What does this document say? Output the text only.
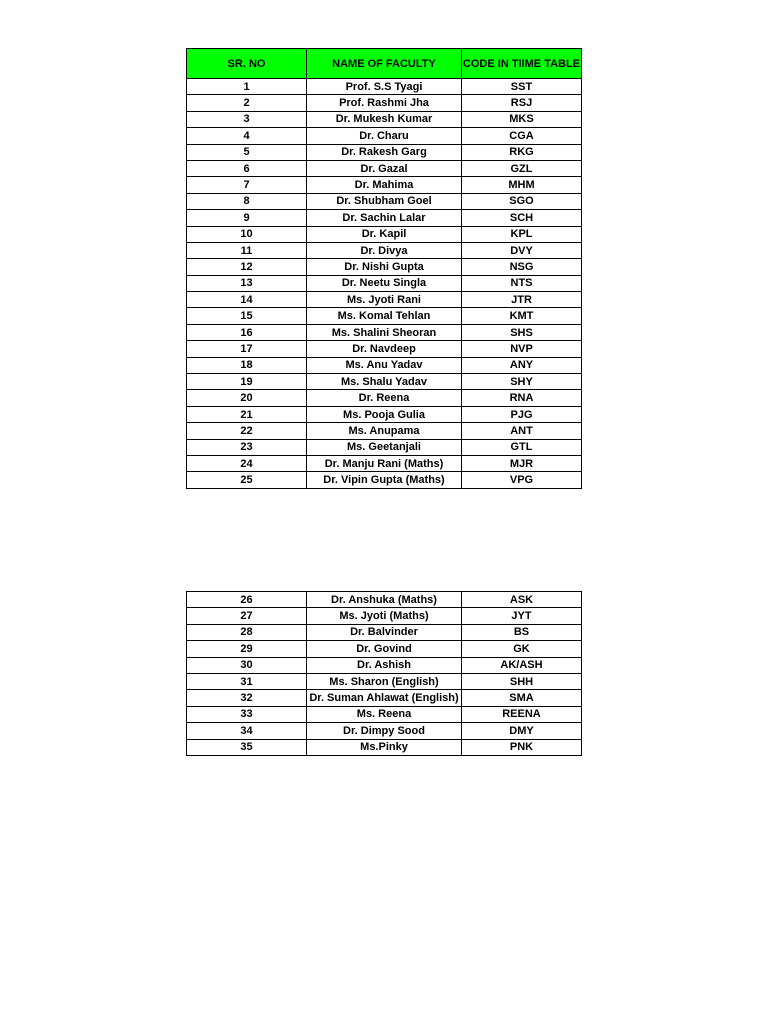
SR. NO	NAME OF FACULTY	CODE IN TIIME TABLE
1	Prof. S.S Tyagi	SST
2	Prof. Rashmi Jha	RSJ
3	Dr. Mukesh Kumar	MKS
4	Dr. Charu	CGA
5	Dr. Rakesh Garg	RKG
6	Dr. Gazal	GZL
7	Dr. Mahima	MHM
8	Dr. Shubham Goel	SGO
9	Dr. Sachin Lalar	SCH
10	Dr. Kapil	KPL
11	Dr. Divya	DVY
12	Dr. Nishi Gupta	NSG
13	Dr. Neetu Singla	NTS
14	Ms. Jyoti Rani	JTR
15	Ms. Komal Tehlan	KMT
16	Ms. Shalini Sheoran	SHS
17	Dr. Navdeep	NVP
18	Ms. Anu Yadav	ANY
19	Ms. Shalu Yadav	SHY
20	Dr. Reena	RNA
21	Ms. Pooja Gulia	PJG
22	Ms. Anupama	ANT
23	Ms. Geetanjali	GTL
24	Dr. Manju Rani (Maths)	MJR
25	Dr. Vipin Gupta (Maths)	VPG
26	Dr. Anshuka (Maths)	ASK
27	Ms. Jyoti (Maths)	JYT
28	Dr. Balvinder	BS
29	Dr. Govind	GK
30	Dr. Ashish	AK/ASH
31	Ms. Sharon (English)	SHH
32	Dr. Suman Ahlawat (English)	SMA
33	Ms. Reena	REENA
34	Dr. Dimpy Sood	DMY
35	Ms.Pinky	PNK
